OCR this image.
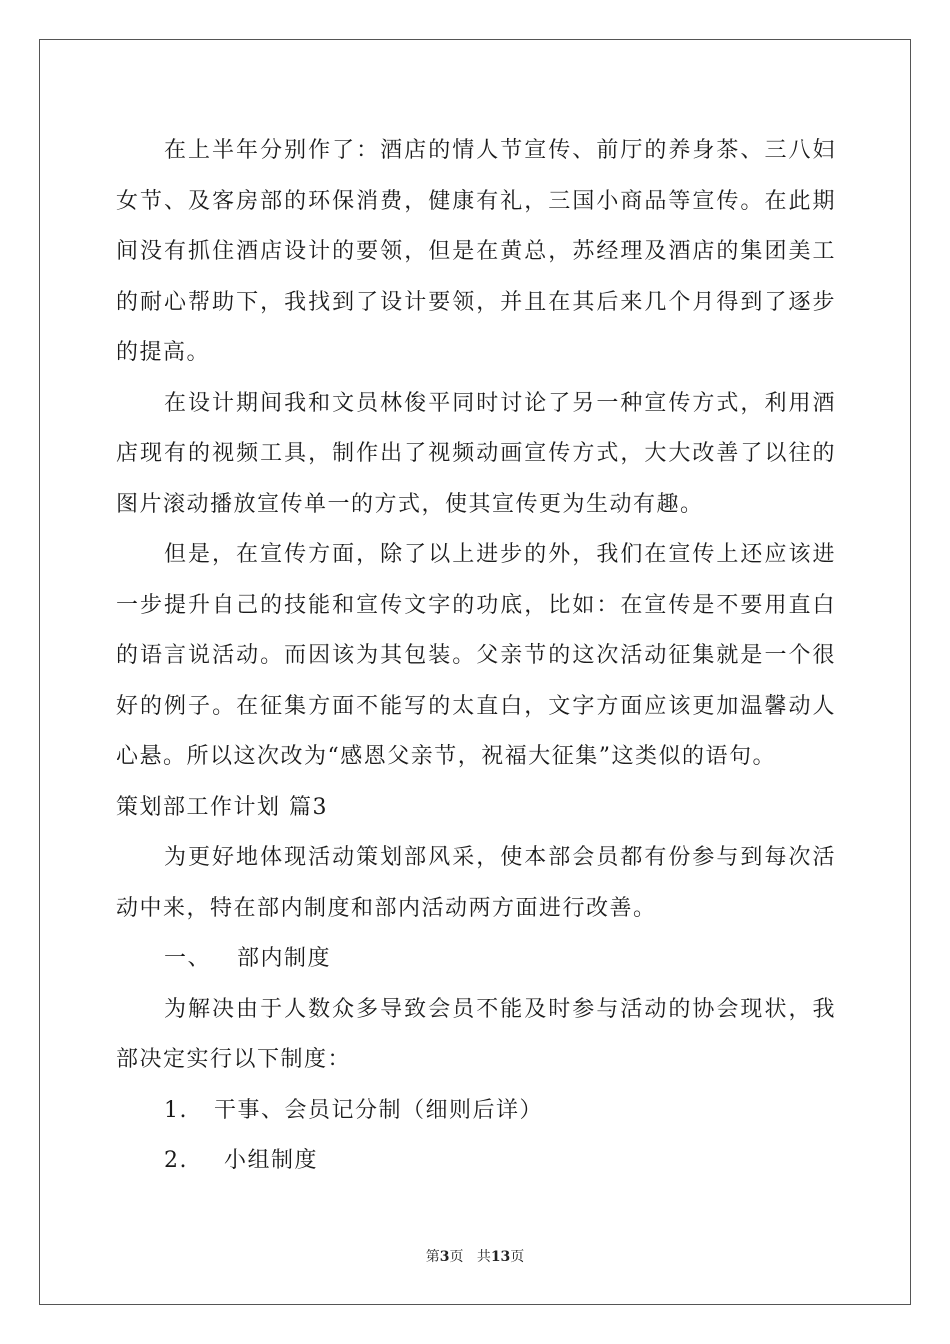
在上半年分别作了：酒店的情人节宣传、前厅的养身茶、三八妇女节、及客房部的环保消费，健康有礼，三国小商品等宣传。在此期间没有抓住酒店设计的要领，但是在黄总，苏经理及酒店的集团美工的耐心帮助下，我找到了设计要领，并且在其后来几个月得到了逐步的提高。

在设计期间我和文员林俊平同时讨论了另一种宣传方式，利用酒店现有的视频工具，制作出了视频动画宣传方式，大大改善了以往的图片滚动播放宣传单一的方式，使其宣传更为生动有趣。

但是，在宣传方面，除了以上进步的外，我们在宣传上还应该进一步提升自己的技能和宣传文字的功底，比如：在宣传是不要用直白的语言说活动。而因该为其包装。父亲节的这次活动征集就是一个很好的例子。在征集方面不能写的太直白，文字方面应该更加温馨动人心悬。所以这次改为“感恩父亲节，祝福大征集”这类似的语句。

策划部工作计划 篇3

为更好地体现活动策划部风采，使本部会员都有份参与到每次活动中来，特在部内制度和部内活动两方面进行改善。

一、 部内制度

为解决由于人数众多导致会员不能及时参与活动的协会现状，我部决定实行以下制度：

1. 干事、会员记分制（细则后详）

2. 小组制度

第3页 共13页
